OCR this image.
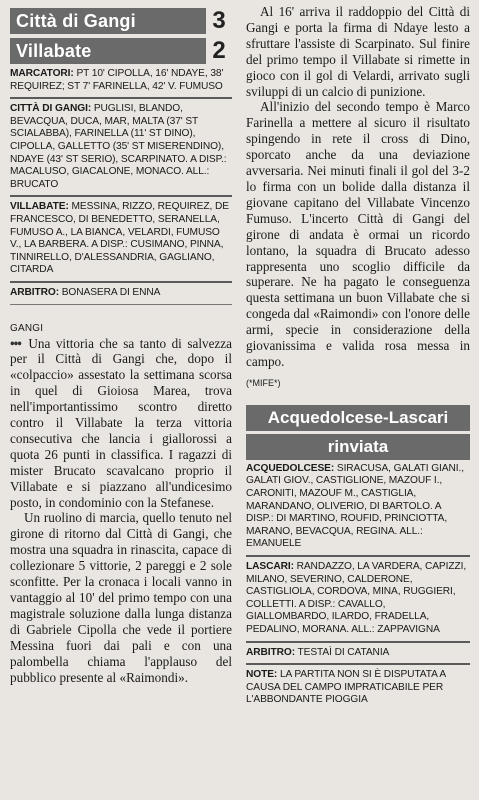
Città di Gangi	3
Villabate	2
MARCATORI: PT 10' CIPOLLA, 16' NDAYE, 38' REQUIREZ; ST 7' FARINELLA, 42' V. FUMUSO
CITTÀ DI GANGI: PUGLISI, BLANDO, BEVACQUA, DUCA, MAR, MALTA (37' ST SCIALABBA), FARINELLA (11' ST DINO), CIPOLLA, GALLETTO (35' ST MISERENDINO), NDAYE (43' ST SERIO), SCARPINATO. A DISP.: MACALUSO, GIACALONE, MONACO. ALL.: BRUCATO
VILLABATE: MESSINA, RIZZO, REQUIREZ, DE FRANCESCO, DI BENEDETTO, SERANELLA, FUMUSO A., LA BIANCA, VELARDI, FUMUSO V., LA BARBERA. A DISP.: CUSIMANO, PINNA, TINNIRELLO, D'ALESSANDRIA, GAGLIANO, CITARDA
ARBITRO: BONASERA DI ENNA
GANGI

••• Una vittoria che sa tanto di salvezza per il Città di Gangi che, dopo il «colpaccio» assestato la settimana scorsa in quel di Gioiosa Marea, trova nell'importantissimo scontro diretto contro il Villabate la terza vittoria consecutiva che lancia i giallorossi a quota 26 punti in classifica. I ragazzi di mister Brucato scavalcano proprio il Villabate e si piazzano all'undicesimo posto, in condominio con la Stefanese.

Un ruolino di marcia, quello tenuto nel girone di ritorno dal Città di Gangi, che mostra una squadra in rinascita, capace di collezionare 5 vittorie, 2 pareggi e 2 sole sconfitte. Per la cronaca i locali vanno in vantaggio al 10' del primo tempo con una magistrale soluzione dalla lunga distanza di Gabriele Cipolla che vede il portiere Messina fuori dai pali e con una palombella chiama l'applauso del pubblico presente al «Raimondi».

Al 16' arriva il raddoppio del Città di Gangi e porta la firma di Ndaye lesto a sfruttare l'assiste di Scarpinato. Sul finire del primo tempo il Villabate si rimette in gioco con il gol di Velardi, arrivato sugli sviluppi di un calcio di punizione.

All'inizio del secondo tempo è Marco Farinella a mettere al sicuro il risultato spingendo in rete il cross di Dino, sporcato anche da una deviazione avversaria. Nei minuti finali il gol del 3-2 lo firma con un bolide dalla distanza il giovane capitano del Villabate Vincenzo Fumuso. L'incerto Città di Gangi del girone di andata è ormai un ricordo lontano, la squadra di Brucato adesso rappresenta uno scoglio difficile da superare. Ne ha pagato le conseguenza questa settimana un buon Villabate che si congeda dal «Raimondi» con l'onore delle armi, specie in considerazione della giovanissima e valida rosa messa in campo.

(*MIFE*)
Acquedolcese-Lascari
rinviata
ACQUEDOLCESE: SIRACUSA, GALATI GIANI., GALATI GIOV., CASTIGLIONE, MAZOUF I., CARONITI, MAZOUF M., CASTIGLIA, MARANDANO, OLIVERIO, DI BARTOLO. A DISP.: DI MARTINO, ROUFID, PRINCIOTTA, MARANO, BEVACQUA, REGINA. ALL.: EMANUELE
LASCARI: RANDAZZO, LA VARDERA, CAPIZZI, MILANO, SEVERINO, CALDERONE, CASTIGLIOLA, CORDOVA, MINA, RUGGIERI, COLLETTI. A DISP.: CAVALLO, GIALLOMBARDO, ILARDO, FRADELLA, PEDALINO, MORANA. ALL.: ZAPPAVIGNA
ARBITRO: TESTAÌ DI CATANIA
NOTE: LA PARTITA NON SI È DISPUTATA A CAUSA DEL CAMPO IMPRATICABILE PER L'ABBONDANTE PIOGGIA
